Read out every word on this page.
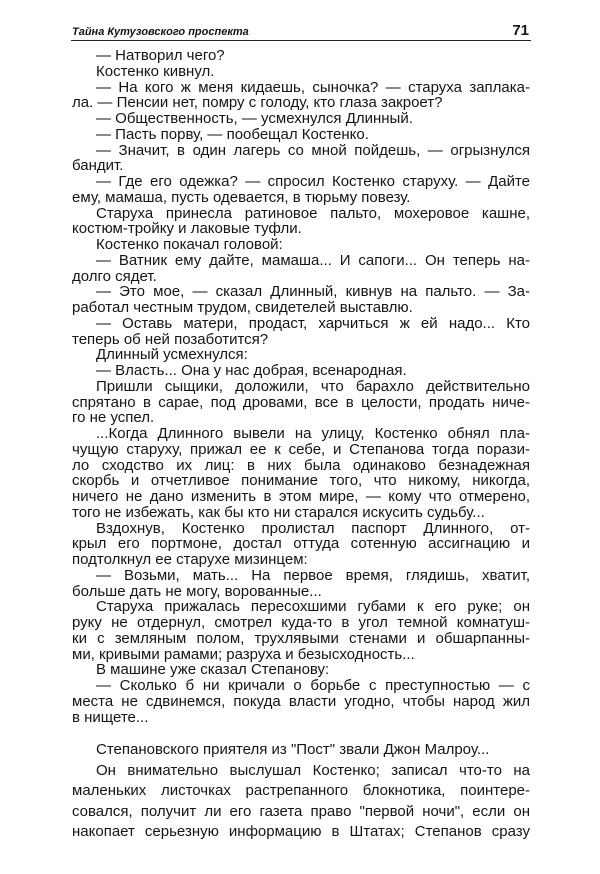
Тайна Кутузовского проспекта	71
— Натворил чего?
Костенко кивнул.
— На кого ж меня кидаешь, сыночка? — старуха заплака-
ла. — Пенсии нет, помру с голоду, кто глаза закроет?
— Общественность, — усмехнулся Длинный.
— Пасть порву, — пообещал Костенко.
— Значит, в один лагерь со мной пойдешь, — огрызнулся
бандит.
— Где его одежка? — спросил Костенко старуху. — Дайте
ему, мамаша, пусть одевается, в тюрьму повезу.
Старуха принесла ратиновое пальто, мохеровое кашне,
костюм-тройку и лаковые туфли.
Костенко покачал головой:
— Ватник ему дайте, мамаша... И сапоги... Он теперь на-
долго сядет.
— Это мое, — сказал Длинный, кивнув на пальто. — За-
работал честным трудом, свидетелей выставлю.
— Оставь матери, продаст, харчиться ж ей надо... Кто
теперь об ней позаботится?
Длинный усмехнулся:
— Власть... Она у нас добрая, всенародная.
Пришли сыщики, доложили, что барахло действительно
спрятано в сарае, под дровами, все в целости, продать ниче-
го не успел.
...Когда Длинного вывели на улицу, Костенко обнял пла-
чущую старуху, прижал ее к себе, и Степанова тогда порази-
ло сходство их лиц: в них была одинаково безнадежная
скорбь и отчетливое понимание того, что никому, никогда,
ничего не дано изменить в этом мире, — кому что отмерено,
того не избежать, как бы кто ни старался искусить судьбу...
Вздохнув, Костенко пролистал паспорт Длинного, от-
крыл его портмоне, достал оттуда сотенную ассигнацию и
подтолкнул ее старухе мизинцем:
— Возьми, мать... На первое время, глядишь, хватит,
больше дать не могу, ворованные...
Старуха прижалась пересохшими губами к его руке; он
руку не отдернул, смотрел куда-то в угол темной комнатуш-
ки с земляным полом, трухлявыми стенами и обшарпанны-
ми, кривыми рамами; разруха и безысходность...
В машине уже сказал Степанову:
— Сколько б ни кричали о борьбе с преступностью — с
места не сдвинемся, покуда власти угодно, чтобы народ жил
в нищете...
Степановского приятеля из "Пост" звали Джон Малроу...
Он внимательно выслушал Костенко; записал что-то на
маленьких листочках растрепанного блокнотика, поинтере-
совался, получит ли его газета право "первой ночи", если он
накопает серьезную информацию в Штатах; Степанов сразу
